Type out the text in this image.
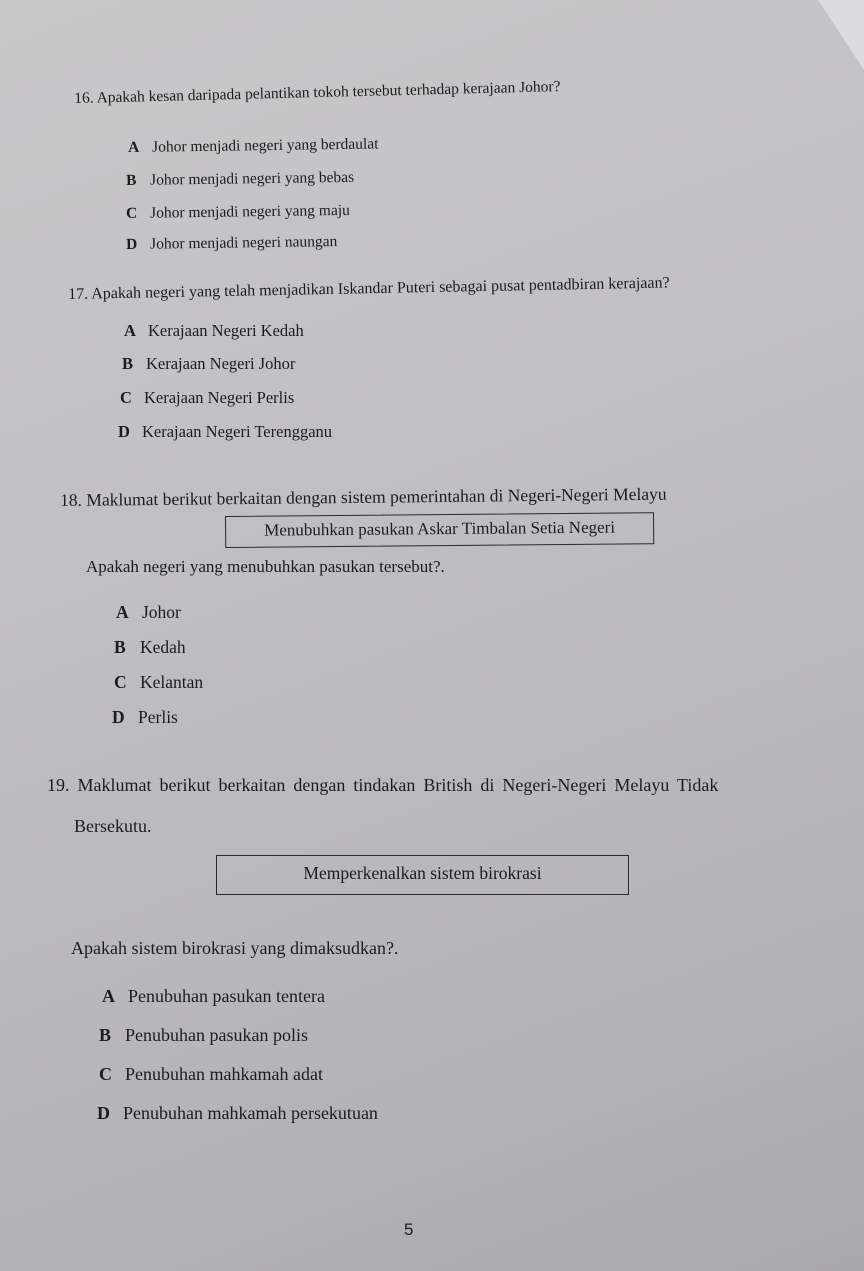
16. Apakah kesan daripada pelantikan tokoh tersebut terhadap kerajaan Johor?
A Johor menjadi negeri yang berdaulat
B Johor menjadi negeri yang bebas
C Johor menjadi negeri yang maju
D Johor menjadi negeri naungan
17. Apakah negeri yang telah menjadikan Iskandar Puteri sebagai pusat pentadbiran kerajaan?
A Kerajaan Negeri Kedah
B Kerajaan Negeri Johor
C Kerajaan Negeri Perlis
D Kerajaan Negeri Terengganu
18. Maklumat berikut berkaitan dengan sistem pemerintahan di Negeri-Negeri Melayu
Menubuhkan pasukan Askar Timbalan Setia Negeri
Apakah negeri yang menubuhkan pasukan tersebut?.
A Johor
B Kedah
C Kelantan
D Perlis
19. Maklumat berikut berkaitan dengan tindakan British di Negeri-Negeri Melayu Tidak
Bersekutu.
Memperkenalkan sistem birokrasi
Apakah sistem birokrasi yang dimaksudkan?.
A Penubuhan pasukan tentera
B Penubuhan pasukan polis
C Penubuhan mahkamah adat
D Penubuhan mahkamah persekutuan
5
